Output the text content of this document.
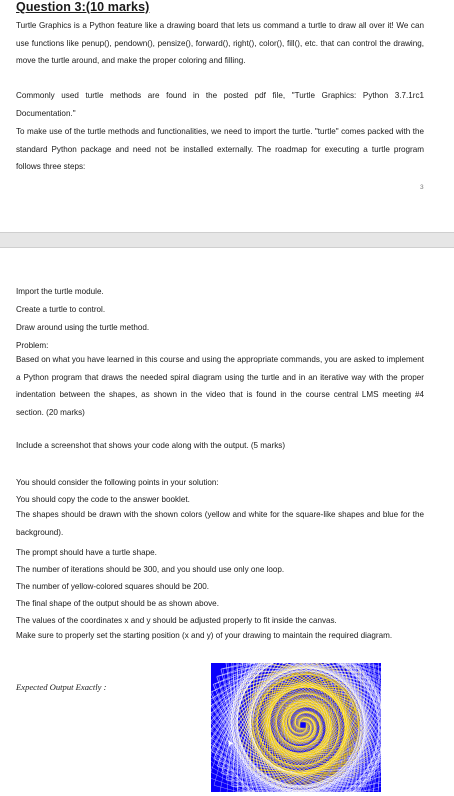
Question 3:(10 marks)
Turtle Graphics is a Python feature like a drawing board that lets us command a turtle to draw all over it! We can use functions like penup(), pendown(), pensize(), forward(), right(), color(), fill(), etc. that can control the drawing, move the turtle around, and make the proper coloring and filling.
Commonly used turtle methods are found in the posted pdf file, "Turtle Graphics: Python 3.7.1rc1 Documentation."
To make use of the turtle methods and functionalities, we need to import the turtle. "turtle" comes packed with the standard Python package and need not be installed externally. The roadmap for executing a turtle program follows three steps:
3
Import the turtle module.
Create a turtle to control.
Draw around using the turtle method.
Problem:
Based on what you have learned in this course and using the appropriate commands, you are asked to implement a Python program that draws the needed spiral diagram using the turtle and in an iterative way with the proper indentation between the shapes, as shown in the video that is found in the course central LMS meeting #4 section. (20 marks)
Include a screenshot that shows your code along with the output. (5 marks)
You should consider the following points in your solution:
You should copy the code to the answer booklet.
The shapes should be drawn with the shown colors (yellow and white for the square-like shapes and blue for the background).
The prompt should have a turtle shape.
The number of iterations should be 300, and you should use only one loop.
The number of yellow-colored squares should be 200.
The final shape of the output should be as shown above.
The values of the coordinates x and y should be adjusted properly to fit inside the canvas.
Make sure to properly set the starting position (x and y) of your drawing to maintain the required diagram.
Expected Output Exactly :
